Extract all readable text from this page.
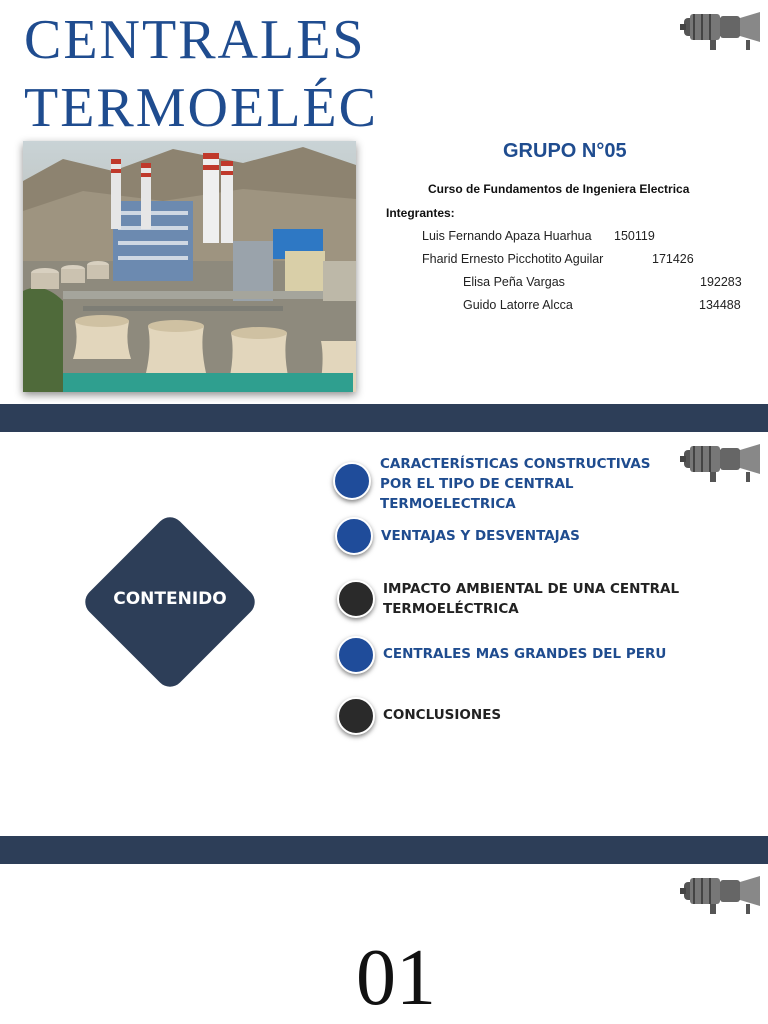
CENTRALES
TERMOELÉC
GRUPO N°05
Curso de Fundamentos de Ingeniera Electrica
Integrantes:
Luis Fernando Apaza Huarhua 150119
Fharid Ernesto Picchotito Aguilar	171426
Elisa Peña Vargas	192283
Guido Latorre Alcca	134488
CONTENIDO
CARACTERÍSTICAS CONSTRUCTIVAS
POR EL TIPO DE CENTRAL
TERMOELECTRICA
VENTAJAS Y DESVENTAJAS
IMPACTO AMBIENTAL DE UNA CENTRAL
TERMOELÉCTRICA
CENTRALES MAS GRANDES DEL PERU
CONCLUSIONES
01
